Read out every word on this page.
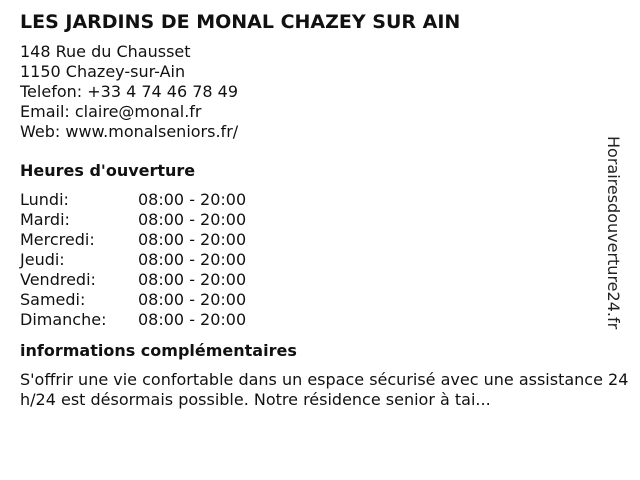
LES JARDINS DE MONAL CHAZEY SUR AIN
148 Rue du Chausset
1150 Chazey-sur-Ain
Telefon: +33 4 74 46 78 49
Email: claire@monal.fr
Web: www.monalseniors.fr/
Heures d'ouverture
Lundi:	08:00 - 20:00
Mardi:	08:00 - 20:00
Mercredi:	08:00 - 20:00
Jeudi:	08:00 - 20:00
Vendredi:	08:00 - 20:00
Samedi:	08:00 - 20:00
Dimanche:	08:00 - 20:00
informations complémentaires
S'offrir une vie confortable dans un espace sécurisé avec une assistance 24 h/24 est désormais possible. Notre résidence senior à tai...
Horairesdouverture24.fr
